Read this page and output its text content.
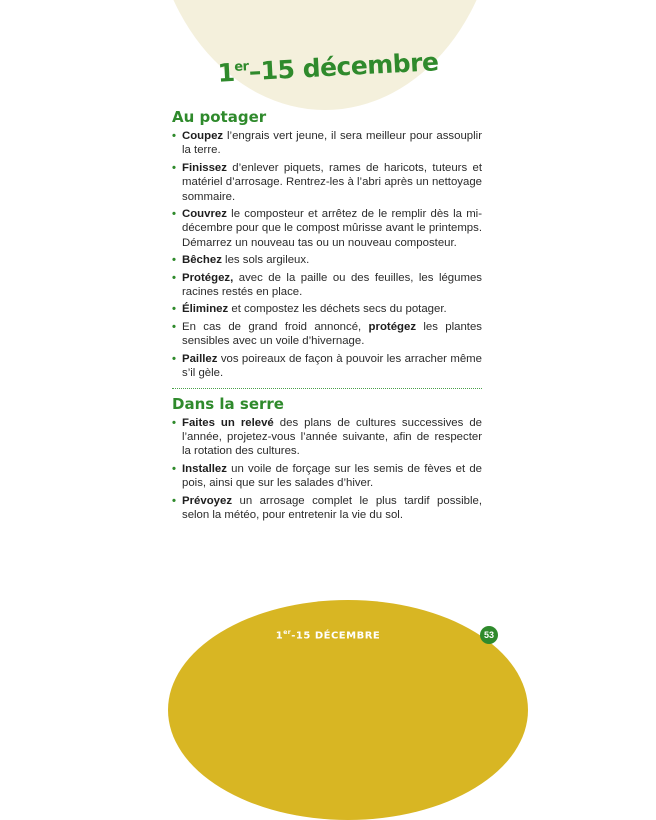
1er–15 décembre
Au potager
• Coupez l’engrais vert jeune, il sera meilleur pour assouplir la terre.
• Finissez d’enlever piquets, rames de haricots, tuteurs et matériel d’arrosage. Rentrez-les à l’abri après un nettoyage sommaire.
• Couvrez le composteur et arrêtez de le remplir dès la mi-décembre pour que le compost mûrisse avant le printemps. Démarrez un nouveau tas ou un nouveau composteur.
• Bêchez les sols argileux.
• Protégez, avec de la paille ou des feuilles, les légumes racines restés en place.
• Éliminez et compostez les déchets secs du potager.
• En cas de grand froid annoncé, protégez les plantes sensibles avec un voile d’hivernage.
• Paillez vos poireaux de façon à pouvoir les arracher même s’il gèle.
Dans la serre
• Faites un relevé des plans de cultures successives de l’année, projetez-vous l’année suivante, afin de respecter la rotation des cultures.
• Installez un voile de forçage sur les semis de fèves et de pois, ainsi que sur les salades d’hiver.
• Prévoyez un arrosage complet le plus tardif possible, selon la météo, pour entretenir la vie du sol.
1er-15 DÉCEMBRE	53
